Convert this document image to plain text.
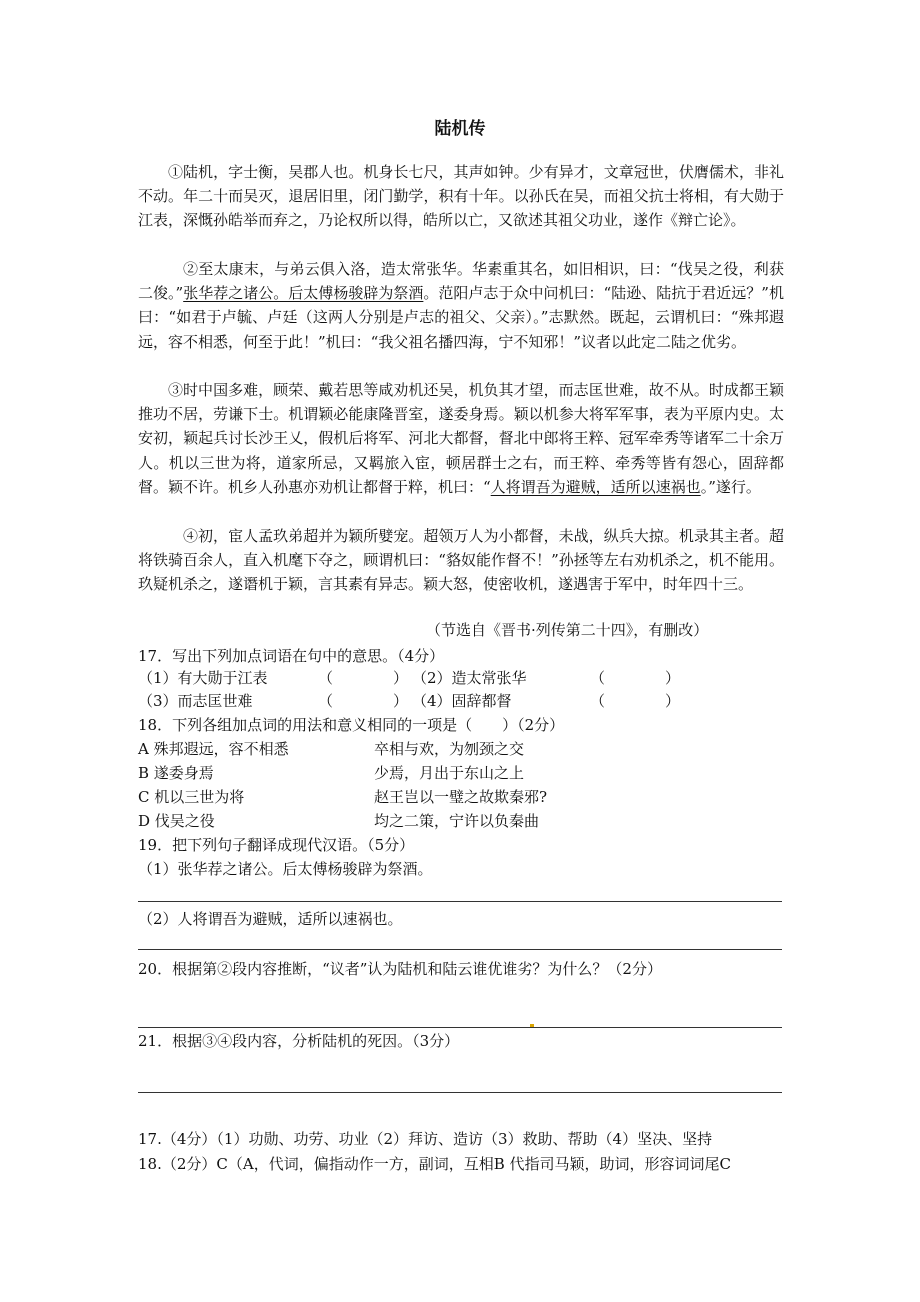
陆机传
①陆机，字士衡，吴郡人也。机身长七尺，其声如钟。少有异才，文章冠世，伏膺儒术，非礼不动。年二十而吴灭，退居旧里，闭门勤学，积有十年。以孙氏在吴，而祖父抗士将相，有大勋于江表，深慨孙皓举而弃之，乃论权所以得，皓所以亡，又欲述其祖父功业，遂作《辩亡论》。
②至太康末，与弟云俱入洛，造太常张华。华素重其名，如旧相识，曰：“伐吴之役，利获二俊。”张华荐之诸公。后太傅杨骏辟为祭酒。范阳卢志于众中问机曰：“陆逊、陆抗于君近远？”机曰：“如君于卢毓、卢廷（这两人分别是卢志的祖父、父亲）。”志默然。既起，云谓机曰：“殊邦遐远，容不相悉，何至于此！”机曰：“我父祖名播四海，宁不知邪！”议者以此定二陆之优劣。
③时中国多难，顾荣、戴若思等咸劝机还吴，机负其才望，而志匡世难，故不从。时成都王颖推功不居，劳谦下士。机谓颖必能康隆晋室，遂委身焉。颖以机参大将军军事，表为平原内史。太安初，颖起兵讨长沙王乂，假机后将军、河北大都督，督北中郎将王粹、冠军牵秀等诸军二十余万人。机以三世为将，道家所忌，又羁旅入宦，顿居群士之右，而王粹、牵秀等皆有怨心，固辞都督。颖不许。机乡人孙惠亦劝机让都督于粹，机曰：“人将谓吾为避贼，适所以速祸也。”遂行。
④初，宦人孟玖弟超并为颖所嬖宠。超领万人为小都督，未战，纵兵大掠。机录其主者。超将铁骑百余人，直入机麾下夺之，顾谓机曰：“貉奴能作督不！”孙拯等左右劝机杀之，机不能用。玖疑机杀之，遂谮机于颖，言其素有异志。颖大怒，使密收机，遂遇害于军中，时年四十三。
（节选自《晋书·列传第二十四》，有删改）
17．写出下列加点词语在句中的意思。（4分）
（1）有大勋于江表	（　　　　） （2）造太常张华	（　　　　）
（3）而志匡世难	（　　　　） （4）固辞都督	（　　　　）
18．下列各组加点词的用法和意义相同的一项是（　　）（2分）
A 殊邦遐远，容不相悉	卒相与欢，为刎颈之交
B 遂委身焉	少焉，月出于东山之上
C 机以三世为将	赵王岂以一璧之故欺秦邪?
D 伐吴之役	均之二策，宁许以负秦曲
19．把下列句子翻译成现代汉语。（5分）
（1）张华荐之诸公。后太傅杨骏辟为祭酒。
（2）人将谓吾为避贼，适所以速祸也。
20．根据第②段内容推断，“议者”认为陆机和陆云谁优谁劣？为什么？（2分）
21．根据③④段内容，分析陆机的死因。（3分）
17.（4分）（1）功勋、功劳、功业（2）拜访、造访（3）救助、帮助（4）坚决、坚持
18.（2分）C（A，代词，偏指动作一方，副词，互相B 代指司马颖，助词，形容词词尾C
